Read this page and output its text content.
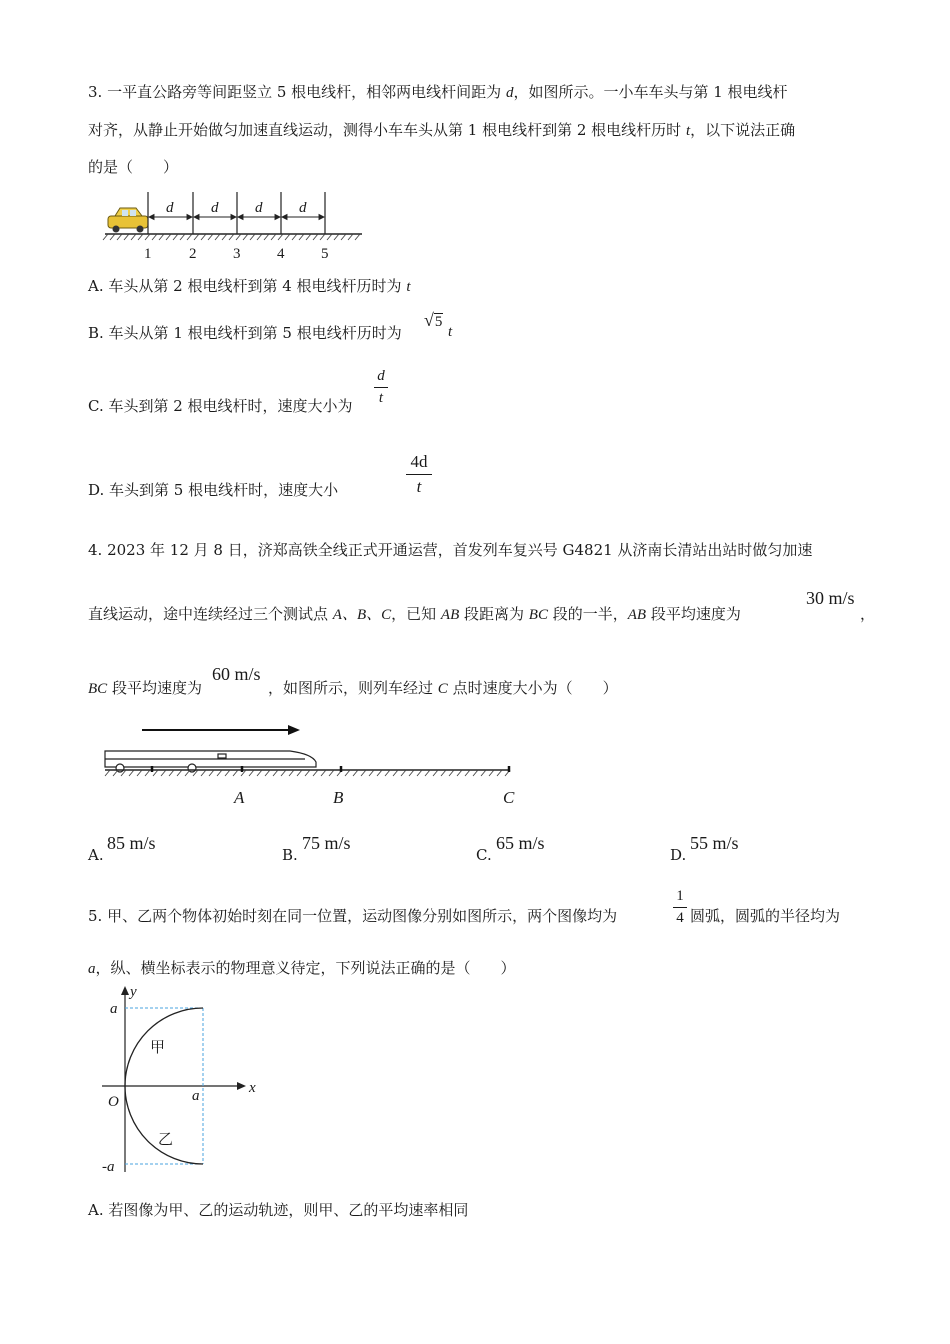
3. 一平直公路旁等间距竖立 5 根电线杆，相邻两电线杆间距为 d，如图所示。一小车车头与第 1 根电线杆
对齐，从静止开始做匀加速直线运动，测得小车车头从第 1 根电线杆到第 2 根电线杆历时 t，以下说法正确
的是（　　）
d	d d d
1	2 3 4 5
A. 车头从第 2 根电线杆到第 4 根电线杆历时为 t
B. 车头从第 1 根电线杆到第 5 根电线杆历时为
√5
t
C. 车头到第 2 根电线杆时，速度大小为
d
t
D. 车头到第 5 根电线杆时，速度大小
4d
t
4. 2023 年 12 月 8 日，济郑高铁全线正式开通运营，首发列车复兴号 G4821 从济南长清站出站时做匀加速
直线运动，途中连续经过三个测试点 A、B、C，已知 AB 段距离为 BC 段的一半，AB 段平均速度为
30 m/s
，
BC 段平均速度为
60 m/s
，如图所示，则列车经过 C 点时速度大小为（　　）
A	B	C
A.
85 m/s
B.
75 m/s
C.
65 m/s
D.
55 m/s
5. 甲、乙两个物体初始时刻在同一位置，运动图像分别如图所示，两个图像均为
1
4 圆弧，圆弧的半径均为
a，纵、横坐标表示的物理意义待定，下列说法正确的是（　　）
y
x
a
O	a
-a
甲
乙
A. 若图像为甲、乙的运动轨迹，则甲、乙的平均速率相同
